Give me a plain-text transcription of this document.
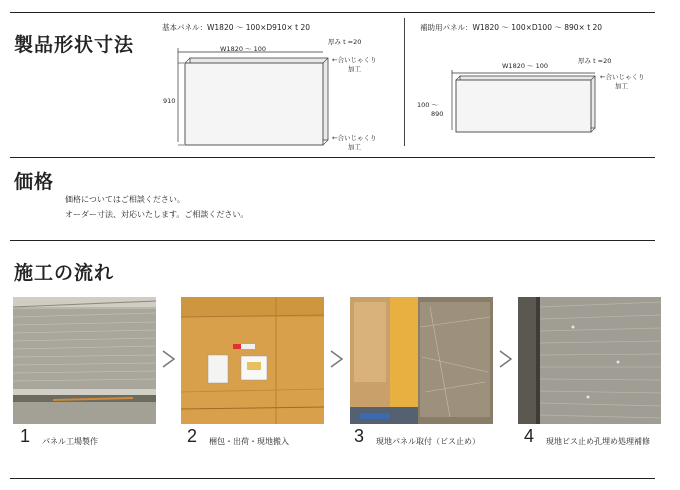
製品形状寸法
基本パネル：W1820 ～ 100×D910× t 20
W1820 ～ 100
厚み t =20
910
←合いじゃくり
加工
←合いじゃくり
加工
補助用パネル：W1820 ～ 100×D100 ～ 890× t 20
W1820 ～ 100
厚み t =20
←合いじゃくり
加工
100 ～
890
価格
価格についてはご相談ください。
オーダー寸法、対応いたします。ご相談ください。
施工の流れ
1 パネル工場製作	2 梱包・出荷・現地搬入	3 現地パネル取付（ビス止め） 4 現地ビス止め孔埋め処理補修
